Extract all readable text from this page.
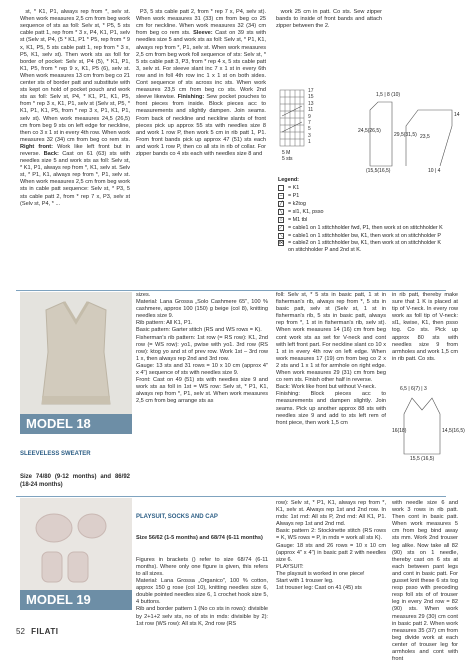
st, * K1, P1, always rep from *, selv st. When work measures 2,5 cm from beg work sequence of sts as foll: Selv st, * P5, 5 sts cable patt 1, rep from * 3 x, P4, K1, P1, selv st (Selv st, P4, (5 * K1, P1 * P5, rep from * 9 x, K1, P5, 5 sts cable patt 1, rep from * 3 x, P5, K1, selv st). Then work sts as foll for border of pocket: Selv st, P4 (5), * K1, P1, K1, P5, from * rep 9 x, K1, P5 (6), selv st. When work measures 13 cm from beg co 21 center sts of border patt and substitute with sts kept on hold of pocket pouch and work sts as foll: Selv st, P4, * K1, P1, K1, P5, from * rep 3 x, K1, P1, selv st (Selv st, P5, * K1, P1, K1, P5, from * rep 3 x, P1, K1, P1, selv st). When work measures 24,5 (26,5) cm from beg 9 sts on left edge for neckline, then co 3 x 1 st in every 4th row. When work measures 32 (34) cm from beg co rem sts. Right front: Work like left front but in reverse. Back: Cast on 61 (63) sts with needles size 5 and work sts as foll: Selv st, * K1, P1, always rep from *, K1, selv st. Selv st, * P1, K1, always rep from *, P1, selv st. When work measures 2,5 cm from beg work sts in cable patt sequence: Selv st, * P3, 5 sts cable patt 2, from * rep 7 x, P3, selv st (Selv st, P4, * ...

P3, 5 sts cable patt 2, from * rep 7 x, P4, selv st). When work measures 31 (33) cm from beg co 25 cm for neckline. When work measures 32 (34) cm from beg co rem sts. Sleeve: Cast on 39 sts with needles size 5 and work sts as foll: Selv st, * P1, K1, always rep from *, P1, selv st. When work measures 2,5 cm from beg work foll sequence of sts: Selv st, * 5 sts cable patt 3, P3, from * rep 4 x, 5 sts cable patt 3, selv st. For sleeve slant inc 7 x 1 st in every 6th row and in foll 4th row inc 1 x 1 st on both sides. Cont sequence of sts across inc sts. When work measures 23,5 cm from beg co sts. Work 2nd sleeve likewise. Finishing: Sew pocket pouches to front pieces from inside. Block pieces acc to measurements and slightly dampen. Join seams. From back of neckline and neckline slants of front pieces pick up approx 55 sts with needles size 8 and work 1 row P, then work 5 cm in rib patt 1, P1. From front bands pick up approx 47 (51) sts each and work 1 row P, then co all sts in rib of collar. For zipper bands co 4 sts each with needles size 8 and

work 25 cm in patt. Co sts. Sew zipper bands to inside of front bands and attach zipper between the 2.

17
15
13
11
9
7
5
3
1
5 M
5 sts
Legend:
= K1
– = P1
╱ = k2tog
╲ = sl1, K1, psso
○ = M1 tbl
⟋ = cable1 on 1 stitchholder fwd, P1, then work st on stitchholder K
⟍ = cable1 on 1 stitchholder bw, K1, then work st on stitchholder P
⋈ = cable2 on 1 stitchholder bw, K1, then work st on stitchholder K on stitchholder P and 2nd st K.
1,5 | 8 (10)
24,5(26,5)
29,5(31,5) 23,5
14
(15,5(16,5)	10 | 4
MODEL 18

SLEEVELESS SWEATER

Size 74/80 (9-12 months) and 86/92 (18-24 months)

sizes.
Material: Lana Grossa „Solo Cashmere 65", 100 % cashmere, approx 100 (150) g beige (col 8), knitting needles size 9.
Rib pattern: All K1, P1.
Basic pattern: Garter stitch (RS and WS rows = K).
Fisherman's rib pattern: 1st row (= RS row): K1, 2nd row (= WS row): yo1, pwise with yo1. 3rd row (RS row): ktog yo and st of prev row. Work 1st – 3rd row 1 x, then always rep 2nd and 3rd row.
Gauge: 13 sts and 31 rows = 10 x 10 cm (approx 4" x 4") sequence of sts with needles size 9.
Front: Cast on 49 (51) sts with needles size 9 and work sts as foll in 1st = WS row: Selv st, * P1, K1, always rep from *, P1, selv st. When work measures 2,5 cm from beg arrange sts as
foll: Selv st, * 5 sts in basic patt, 1 st in fisherman's rib, always rep from *, 5 sts in basic patt, selv st (Selv st, 1 st in fisherman's rib, 5 sts in basic patt, always rep from *, 1 st in fisherman's rib, selv st). When work measures 14 (16) cm from beg cont work sts as set for V-neck and cont with left front part. For neckline slant co 10 x 1 st in every 4th row on left edge. When work measures 17 (19) cm from beg co 2 x 2 sts and 1 x 1 st for armhole on right edge. When work measures 29 (31) cm from beg co rem sts. Finish other half in reverse.
Back: Work like front but without V-neck.
Finishing: Block pieces acc to measurements and dampen slightly. Join seams. Pick up another approx 88 sts with needles size 9 and add to sts left rem of front piece, then work 1,5 cm
in rib patt, thereby make sure that 1 K is placed at tip of V-neck. In every row work as foll tip of V-neck: sl1, kwise, K1, then psso tog. Co sts. Pick up approx 80 sts with needles size 9 from armholes and work 1,5 cm in rib patt. Co sts.
6,5 | 6(7) | 3
16(18)	14,5(16,5)
15,5 (16,5)
MODEL 19

PLAYSUIT, SOCKS AND CAP

Size 56/62 (1-5 months) and 68/74 (6-11 months)

Figures in brackets () refer to size 68/74 (6-11 months). Where only one figure is given, this refers to all sizes.
Material: Lana Grossa „Organico", 100 % cotton, approx 150 g rose (col 10), knitting needles size 6, double pointed needles size 6, 1 crochet hook size 5, 4 buttons.
Rib and border pattern 1 (No co sts in rows): divisible by 2+1+2 selv sts, no of sts in rnds: divisible by 2): 1st row (WS row): All sts K, 2nd row (RS

row): Selv st, * P1, K1, always rep from *, K1, selv st. Always rep 1st and 2nd row. In rnds: 1st rnd: All sts P, 2nd rnd: All K1, P1. Always rep 1st and 2nd rnd.
Basic pattern 2: Stockinette stitch (RS rows = K, WS rows = P, in rnds = work all sts K).
Gauge: 18 sts and 26 rows = 10 x 10 cm (approx 4" x 4") in basic patt 2 with needles size 6.
PLAYSUIT:
The playsuit is worked in one piece!
Start with 1 trouser leg.
1st trouser leg: Cast on 41 (45) sts
with needle size 6 and work 3 rows in rib patt. Then cont in basic patt. When work measures 5 cm from beg bind away sts mm. Work 2nd trouser leg alike. Now take all 82 (90) sts on 1 needle, thereby cast on 6 sts at each between pant legs and cont in basic patt. For gusset knit these 6 sts tog resp psso with preceding resp foll sts of of trouser leg in every 2nd row = 82 (90) sts. When work measures 29 (30) cm cont in basic patt 2. When work measures 35 (37) cm from beg divide work at each center of trouser leg for armholes and cont with front
52 FILATI
